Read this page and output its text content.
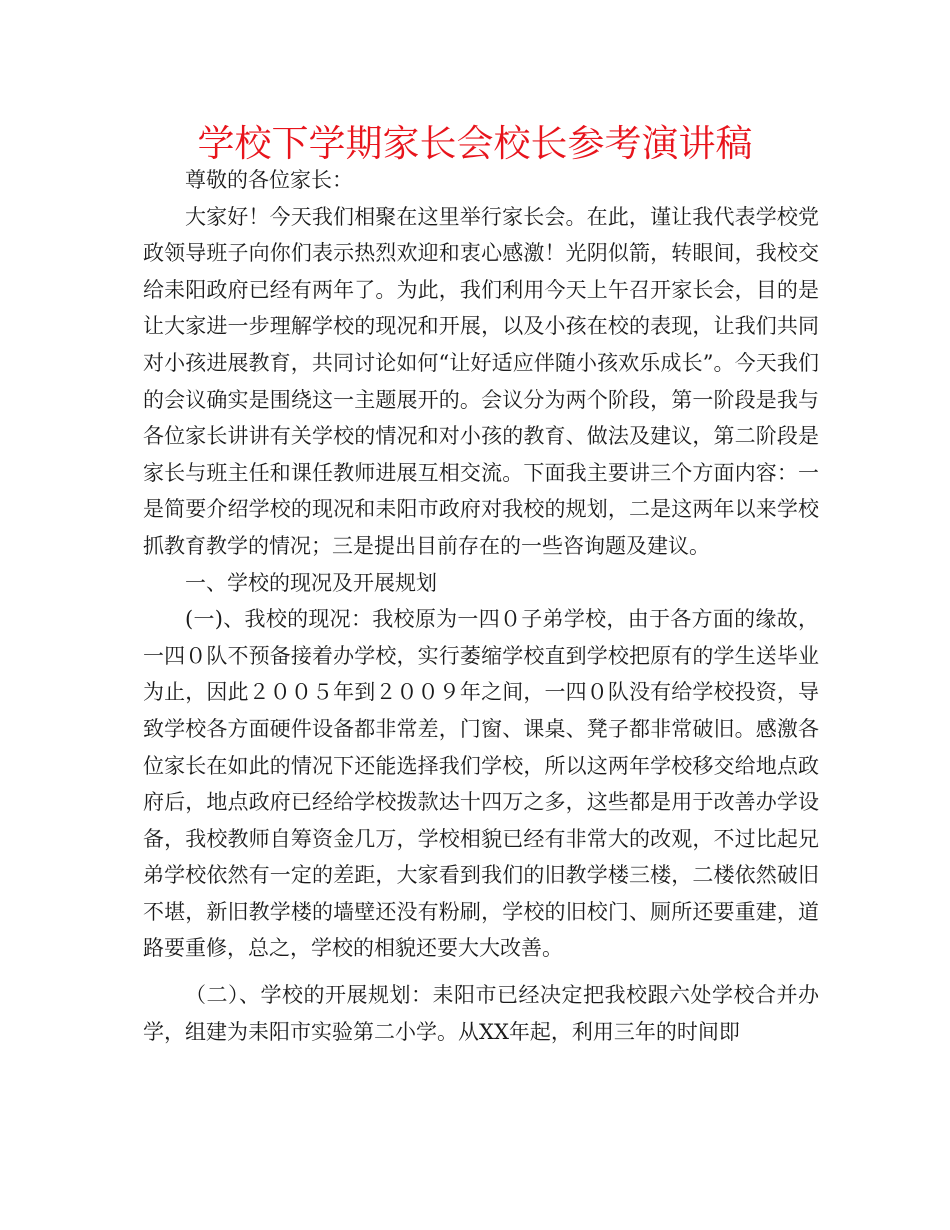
学校下学期家长会校长参考演讲稿

尊敬的各位家长：

大家好！今天我们相聚在这里举行家长会。在此，谨让我代表学校党政领导班子向你们表示热烈欢迎和衷心感激！光阴似箭，转眼间，我校交给耒阳政府已经有两年了。为此，我们利用今天上午召开家长会，目的是让大家进一步理解学校的现况和开展，以及小孩在校的表现，让我们共同对小孩进展教育，共同讨论如何“让好适应伴随小孩欢乐成长”。今天我们的会议确实是围绕这一主题展开的。会议分为两个阶段，第一阶段是我与各位家长讲讲有关学校的情况和对小孩的教育、做法及建议，第二阶段是家长与班主任和课任教师进展互相交流。下面我主要讲三个方面内容：一是简要介绍学校的现况和耒阳市政府对我校的规划，二是这两年以来学校抓教育教学的情况；三是提出目前存在的一些咨询题及建议。

一、学校的现况及开展规划

(一)、我校的现况：我校原为一四０子弟学校，由于各方面的缘故，一四０队不预备接着办学校，实行萎缩学校直到学校把原有的学生送毕业为止，因此２００５年到２００９年之间，一四０队没有给学校投资，导致学校各方面硬件设备都非常差，门窗、课桌、凳子都非常破旧。感激各位家长在如此的情况下还能选择我们学校，所以这两年学校移交给地点政府后，地点政府已经给学校拨款达十四万之多，这些都是用于改善办学设备，我校教师自筹资金几万，学校相貌已经有非常大的改观，不过比起兄弟学校依然有一定的差距，大家看到我们的旧教学楼三楼，二楼依然破旧不堪，新旧教学楼的墙壁还没有粉刷，学校的旧校门、厕所还要重建，道路要重修，总之，学校的相貌还要大大改善。

（二）、学校的开展规划：耒阳市已经决定把我校跟六处学校合并办学，组建为耒阳市实验第二小学。从XX年起，利用三年的时间即
